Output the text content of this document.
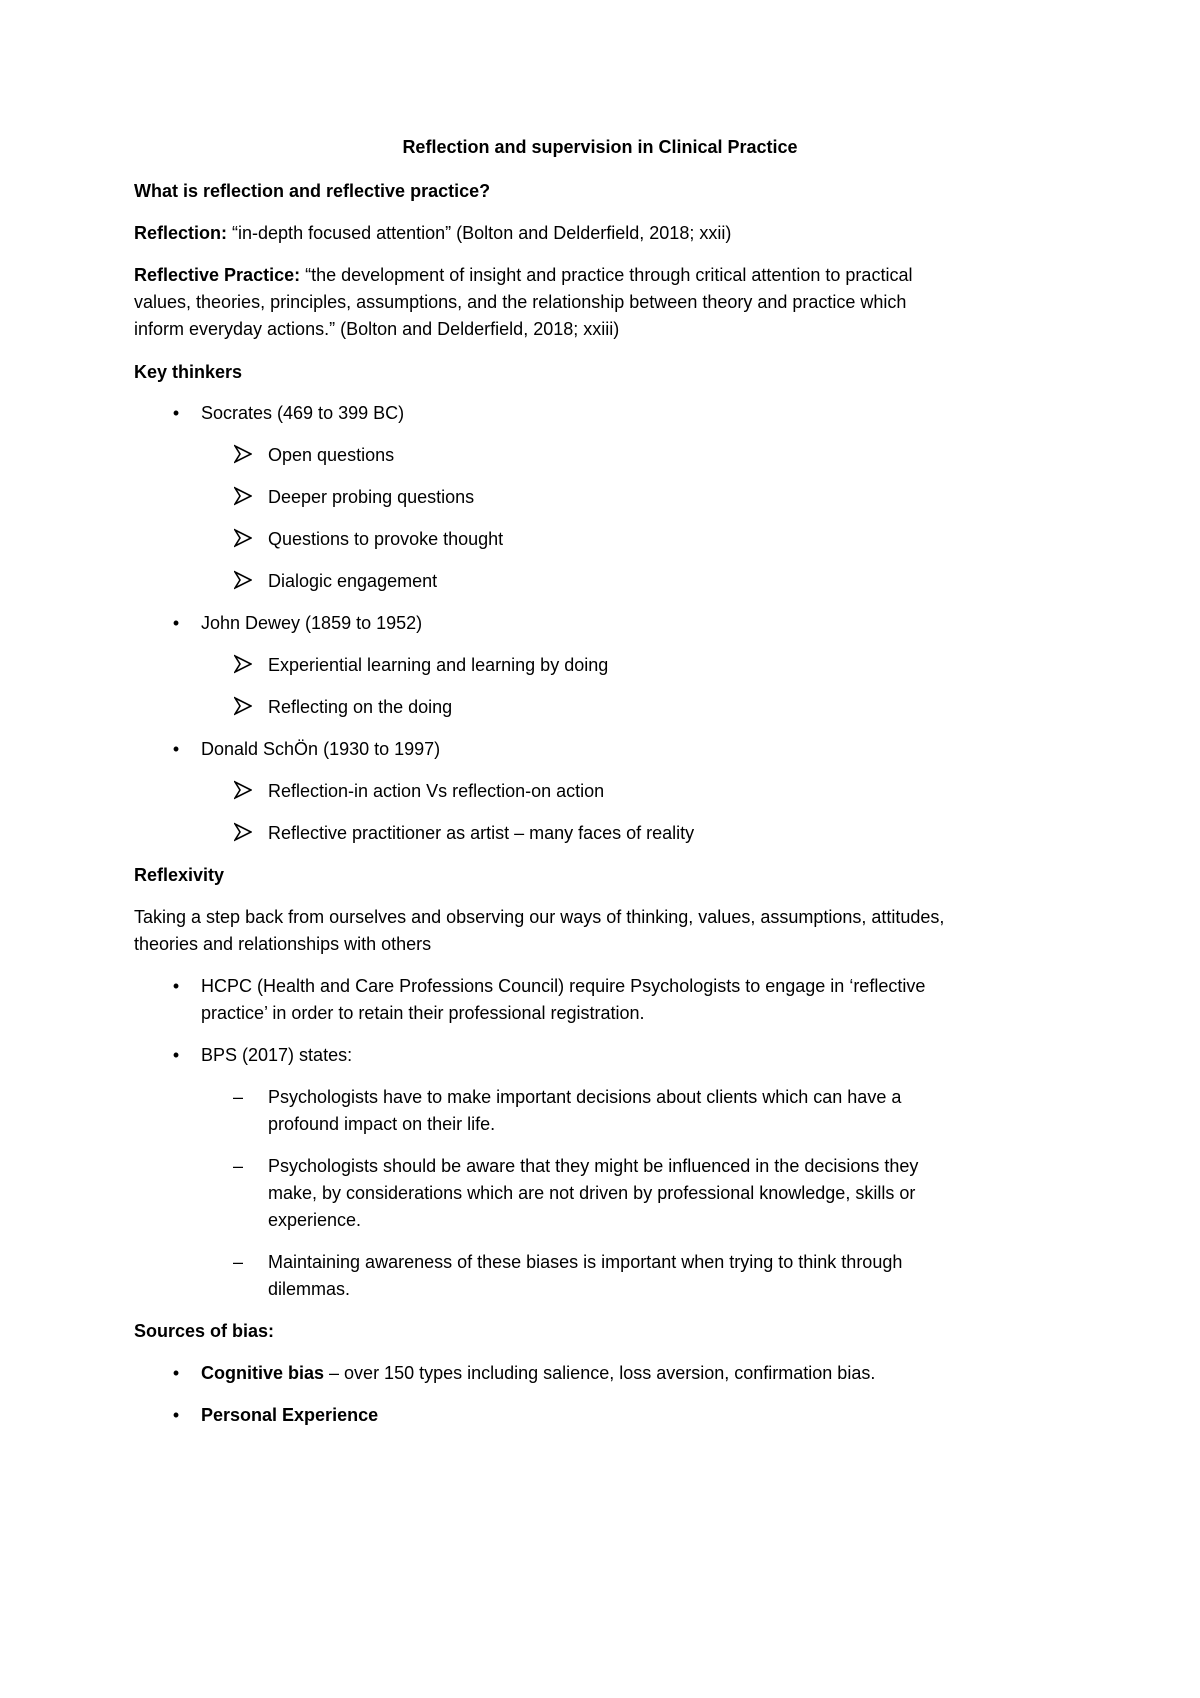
Reflection and supervision in Clinical Practice
What is reflection and reflective practice?
Reflection: “in-depth focused attention” (Bolton and Delderfield, 2018; xxii)
Reflective Practice: “the development of insight and practice through critical attention to practical
values, theories, principles, assumptions, and the relationship between theory and practice which
inform everyday actions.” (Bolton and Delderfield, 2018; xxiii)
Key thinkers
•	Socrates (469 to 399 BC)
Open questions
Deeper probing questions
Questions to provoke thought
Dialogic engagement
•	John Dewey (1859 to 1952)
Experiential learning and learning by doing
Reflecting on the doing
•	Donald SchÖn (1930 to 1997)
Reflection-in action Vs reflection-on action
Reflective practitioner as artist – many faces of reality
Reflexivity
Taking a step back from ourselves and observing our ways of thinking, values, assumptions, attitudes,
theories and relationships with others
•	HCPC (Health and Care Professions Council) require Psychologists to engage in ‘reflective
practice’ in order to retain their professional registration.
•	BPS (2017) states:
– Psychologists have to make important decisions about clients which can have a
profound impact on their life.
– Psychologists should be aware that they might be influenced in the decisions they
make, by considerations which are not driven by professional knowledge, skills or
experience.
– Maintaining awareness of these biases is important when trying to think through
dilemmas.
Sources of bias:
•	Cognitive bias – over 150 types including salience, loss aversion, confirmation bias.
•	Personal Experience
